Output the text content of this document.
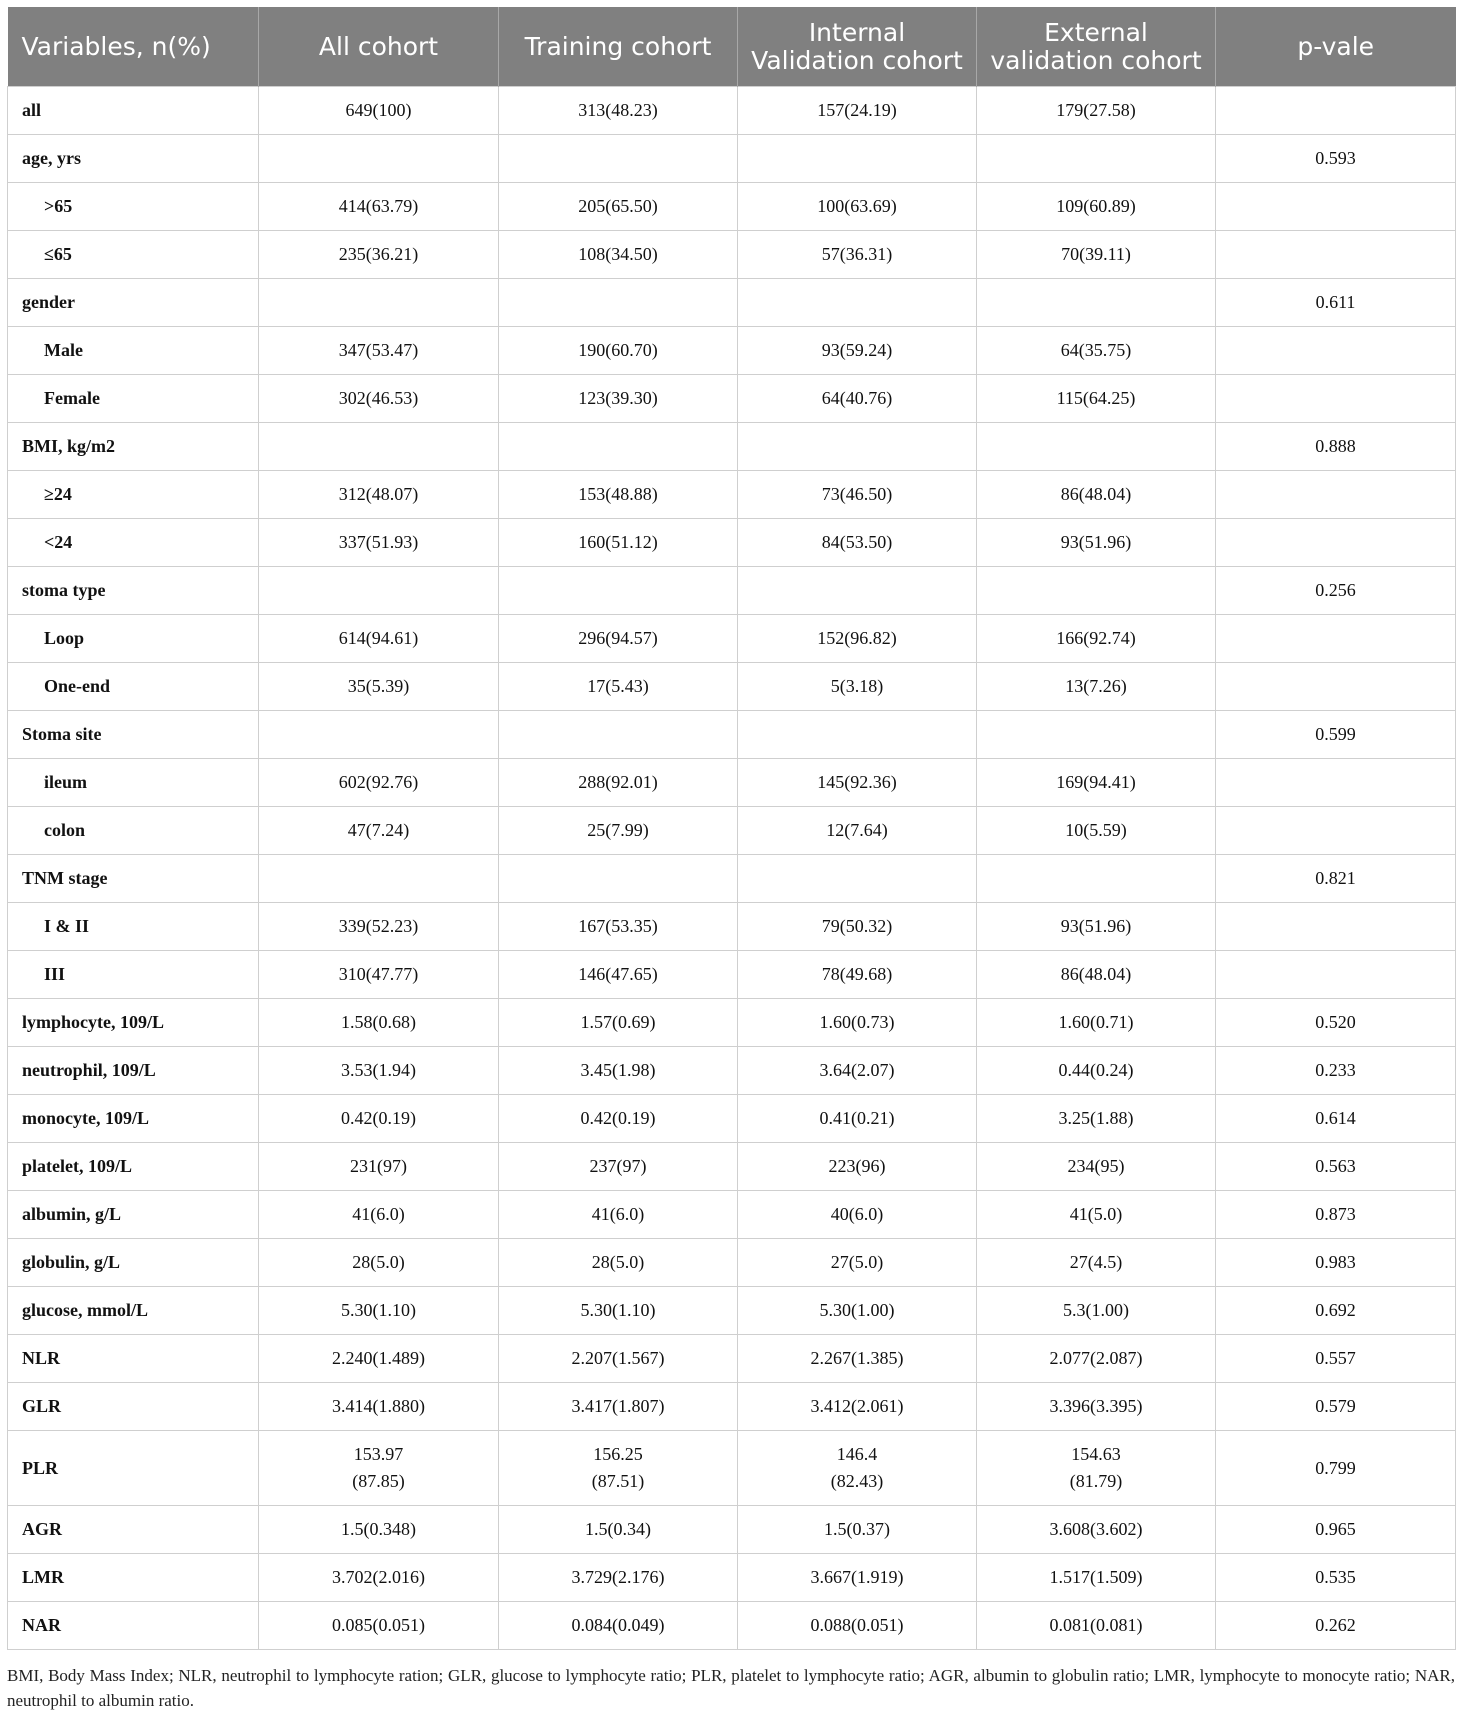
Variables, n(%)	All cohort	Training cohort	Internal Validation cohort	External validation cohort	p-vale
all	649(100)	313(48.23)	157(24.19)	179(27.58)	
age, yrs					0.593
>65	414(63.79)	205(65.50)	100(63.69)	109(60.89)	
≤65	235(36.21)	108(34.50)	57(36.31)	70(39.11)	
gender					0.611
Male	347(53.47)	190(60.70)	93(59.24)	64(35.75)	
Female	302(46.53)	123(39.30)	64(40.76)	115(64.25)	
BMI, kg/m2					0.888
≥24	312(48.07)	153(48.88)	73(46.50)	86(48.04)	
<24	337(51.93)	160(51.12)	84(53.50)	93(51.96)	
stoma type					0.256
Loop	614(94.61)	296(94.57)	152(96.82)	166(92.74)	
One-end	35(5.39)	17(5.43)	5(3.18)	13(7.26)	
Stoma site					0.599
ileum	602(92.76)	288(92.01)	145(92.36)	169(94.41)	
colon	47(7.24)	25(7.99)	12(7.64)	10(5.59)	
TNM stage					0.821
I & II	339(52.23)	167(53.35)	79(50.32)	93(51.96)	
III	310(47.77)	146(47.65)	78(49.68)	86(48.04)	
lymphocyte, 109/L	1.58(0.68)	1.57(0.69)	1.60(0.73)	1.60(0.71)	0.520
neutrophil, 109/L	3.53(1.94)	3.45(1.98)	3.64(2.07)	0.44(0.24)	0.233
monocyte, 109/L	0.42(0.19)	0.42(0.19)	0.41(0.21)	3.25(1.88)	0.614
platelet, 109/L	231(97)	237(97)	223(96)	234(95)	0.563
albumin, g/L	41(6.0)	41(6.0)	40(6.0)	41(5.0)	0.873
globulin, g/L	28(5.0)	28(5.0)	27(5.0)	27(4.5)	0.983
glucose, mmol/L	5.30(1.10)	5.30(1.10)	5.30(1.00)	5.3(1.00)	0.692
NLR	2.240(1.489)	2.207(1.567)	2.267(1.385)	2.077(2.087)	0.557
GLR	3.414(1.880)	3.417(1.807)	3.412(2.061)	3.396(3.395)	0.579
PLR	153.97
(87.85)	156.25
(87.51)	146.4
(82.43)	154.63
(81.79)	0.799
AGR	1.5(0.348)	1.5(0.34)	1.5(0.37)	3.608(3.602)	0.965
LMR	3.702(2.016)	3.729(2.176)	3.667(1.919)	1.517(1.509)	0.535
NAR	0.085(0.051)	0.084(0.049)	0.088(0.051)	0.081(0.081)	0.262
BMI, Body Mass Index; NLR, neutrophil to lymphocyte ration; GLR, glucose to lymphocyte ratio; PLR, platelet to lymphocyte ratio; AGR, albumin to globulin ratio; LMR, lymphocyte to monocyte ratio; NAR, neutrophil to albumin ratio.
